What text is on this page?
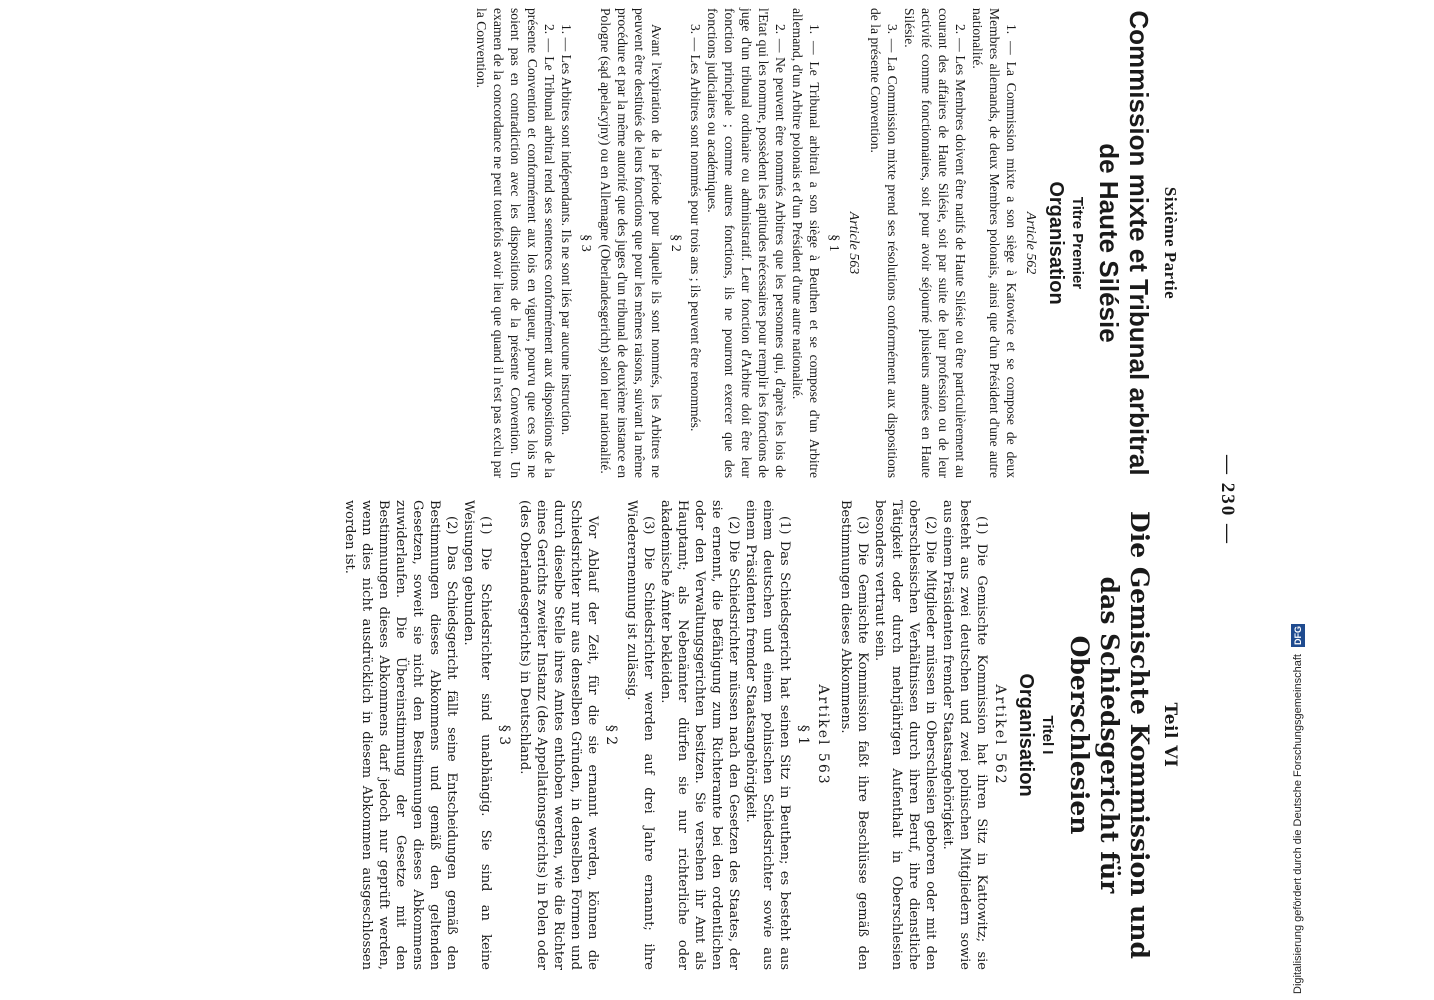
— 230 —
Sixième Partie
Commission mixte et Tribunal arbitral de Haute Silésie
Titre Premier
Organisation
Article 562

1. — La Commission mixte a son siège à Katowice et se compose de deux Membres allemands, de deux Membres polonais, ainsi que d'un Président d'une autre nationalité.

2. — Les Membres doivent être natifs de Haute Silésie ou être particulièrement au courant des affaires de Haute Silésie, soit par suite de leur profession ou de leur activité comme fonctionnaires, soit pour avoir séjourné plusieurs années en Haute Silésie.

3. — La Commission mixte prend ses résolutions conformément aux dispositions de la présente Convention.

Article 563
§ 1

1. — Le Tribunal arbitral a son siège à Beuthen et se compose d'un Arbitre allemand, d'un Arbitre polonais et d'un Président d'une autre nationalité.

2. — Ne peuvent être nommés Arbitres que les personnes qui, d'après les lois de l'Etat qui les nomme, possèdent les aptitudes nécessaires pour remplir les fonctions de juge d'un tribunal ordinaire ou administratif. Leur fonction d'Arbitre doit être leur fonction principale ; comme autres fonctions, ils ne pourront exercer que des fonctions judiciaires ou académiques.

3. — Les Arbitres sont nommés pour trois ans ; ils peuvent être renommés.

§ 2

Avant l'expiration de la période pour laquelle ils sont nommés, les Arbitres ne peuvent être destitués de leurs fonctions que pour les mêmes raisons, suivant la même procédure et par la même autorité que des juges d'un tribunal de deuxième instance en Pologne (sąd apelacyjny) ou en Allemagne (Oberlandesgericht) selon leur nationalité.

§ 3

1. — Les Arbitres sont indépendants. Ils ne sont liés par aucune instruction.

2. — Le Tribunal arbitral rend ses sentences conformément aux dispositions de la présente Convention et conformément aux lois en vigueur, pourvu que ces lois ne soient pas en contradiction avec les dispositions de la présente Convention. Un examen de la concordance ne peut toutefois avoir lieu que quand il n'est pas exclu par la Convention.

Teil VI
Die Gemischte Kommission und das Schiedsgericht für Oberschlesien
Titel I
Organisation
Artikel 562

(1) Die Gemischte Kommission hat ihren Sitz in Kattowitz; sie besteht aus zwei deutschen und zwei polnischen Mitgliedern sowie aus einem Präsidenten fremder Staatsangehörigkeit.

(2) Die Mitglieder müssen in Oberschlesien geboren oder mit den oberschlesischen Verhältnissen durch ihren Beruf, ihre dienstliche Tätigkeit oder durch mehrjährigen Aufenthalt in Oberschlesien besonders vertraut sein.

(3) Die Gemischte Kommission faßt ihre Beschlüsse gemäß den Bestimmungen dieses Abkommens.

Artikel 563
§ 1

(1) Das Schiedsgericht hat seinen Sitz in Beuthen; es besteht aus einem deutschen und einem polnischen Schiedsrichter sowie aus einem Präsidenten fremder Staatsangehörigkeit.

(2) Die Schiedsrichter müssen nach den Gesetzen des Staates, der sie ernennt, die Befähigung zum Richteramte bei den ordentlichen oder den Verwaltungsgerichten besitzen. Sie versehen ihr Amt als Hauptamt; als Nebenämter dürfen sie nur richterliche oder akademische Ämter bekleiden.

(3) Die Schiedsrichter werden auf drei Jahre ernannt; ihre Wiederernennung ist zulässig.

§ 2

Vor Ablauf der Zeit, für die sie ernannt werden, können die Schiedsrichter nur aus denselben Gründen, in denselben Formen und durch dieselbe Stelle ihres Amtes enthoben werden, wie die Richter eines Gerichts zweiter Instanz (des Appellationsgerichts) in Polen oder (des Oberlandesgerichts) in Deutschland.

§ 3

(1) Die Schiedsrichter sind unabhängig. Sie sind an keine Weisungen gebunden.

(2) Das Schiedsgericht fällt seine Entscheidungen gemäß den Bestimmungen dieses Abkommens und gemäß den geltenden Gesetzen, soweit sie nicht den Bestimmungen dieses Abkommens zuwiderlaufen. Die Übereinstimmung der Gesetze mit den Bestimmungen dieses Abkommens darf jedoch nur geprüft werden, wenn dies nicht ausdrücklich in diesem Abkommen ausgeschlossen worden ist.

Digitalisierung gefördert durch die Deutsche Forschungsgemeinschaft DFG
